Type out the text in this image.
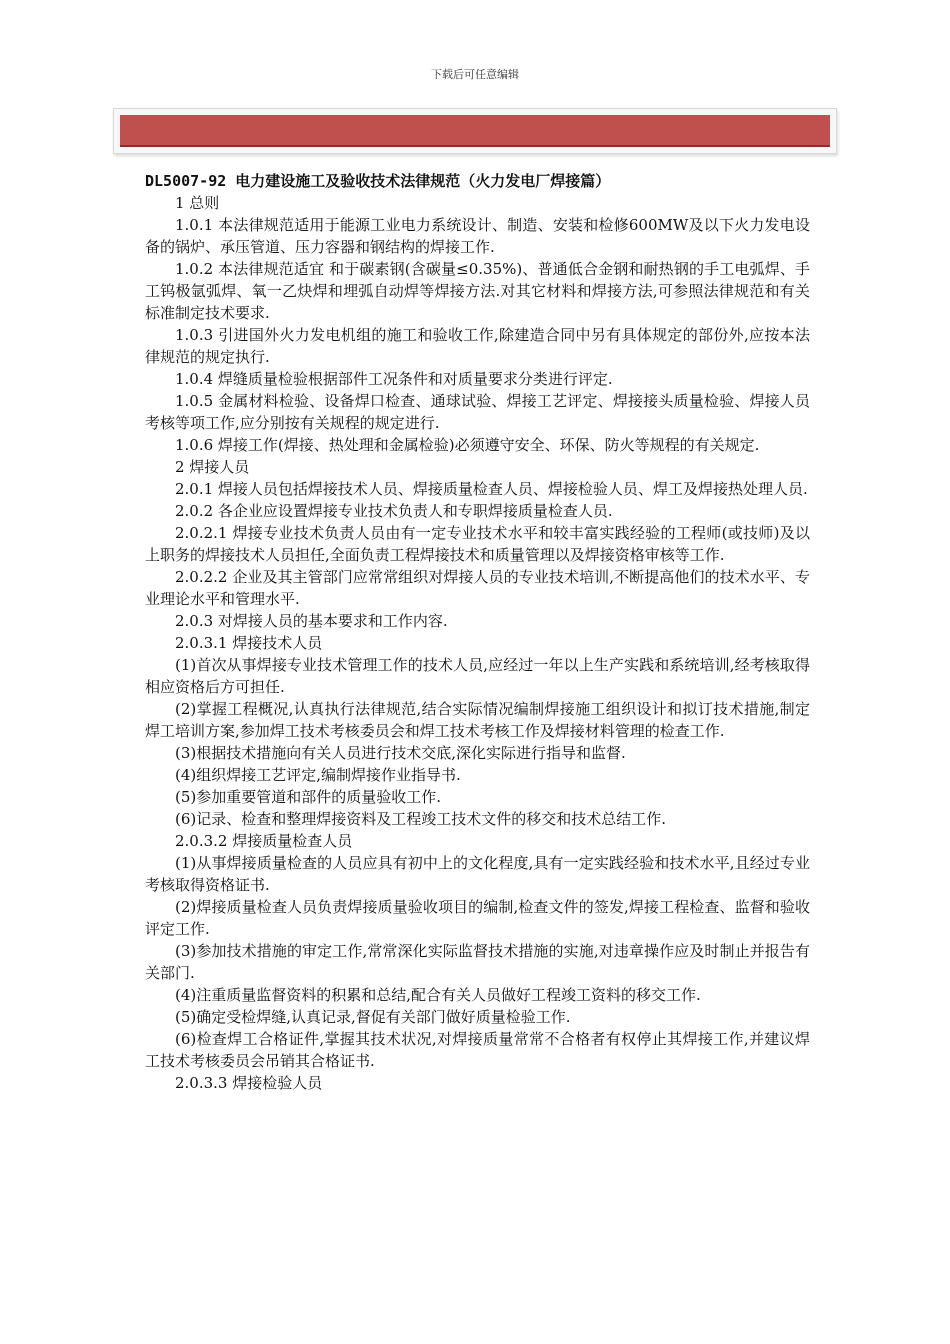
下载后可任意编辑
DL5007-92 电力建设施工及验收技术法律规范（火力发电厂焊接篇）

1 总则

1.0.1 本法律规范适用于能源工业电力系统设计、制造、安装和检修600MW及以下火力发电设备的锅炉、承压管道、压力容器和钢结构的焊接工作.

1.0.2 本法律规范适宜 和于碳素钢(含碳量≤0.35%)、普通低合金钢和耐热钢的手工电弧焊、手工钨极氩弧焊、氧一乙炔焊和埋弧自动焊等焊接方法.对其它材料和焊接方法,可参照法律规范和有关标准制定技术要求.

1.0.3 引进国外火力发电机组的施工和验收工作,除建造合同中另有具体规定的部份外,应按本法律规范的规定执行.

1.0.4 焊缝质量检验根据部件工况条件和对质量要求分类进行评定.

1.0.5 金属材料检验、设备焊口检查、通球试验、焊接工艺评定、焊接接头质量检验、焊接人员考核等项工作,应分别按有关规程的规定进行.

1.0.6 焊接工作(焊接、热处理和金属检验)必须遵守安全、环保、防火等规程的有关规定.

2 焊接人员

2.0.1 焊接人员包括焊接技术人员、焊接质量检查人员、焊接检验人员、焊工及焊接热处理人员.

2.0.2 各企业应设置焊接专业技术负责人和专职焊接质量检查人员.

2.0.2.1 焊接专业技术负责人员由有一定专业技术水平和较丰富实践经验的工程师(或技师)及以上职务的焊接技术人员担任,全面负责工程焊接技术和质量管理以及焊接资格审核等工作.

2.0.2.2 企业及其主管部门应常常组织对焊接人员的专业技术培训,不断提高他们的技术水平、专业理论水平和管理水平.

2.0.3 对焊接人员的基本要求和工作内容.

2.0.3.1 焊接技术人员

(1)首次从事焊接专业技术管理工作的技术人员,应经过一年以上生产实践和系统培训,经考核取得相应资格后方可担任.

(2)掌握工程概况,认真执行法律规范,结合实际情况编制焊接施工组织设计和拟订技术措施,制定焊工培训方案,参加焊工技术考核委员会和焊工技术考核工作及焊接材料管理的检查工作.

(3)根据技术措施向有关人员进行技术交底,深化实际进行指导和监督.

(4)组织焊接工艺评定,编制焊接作业指导书.

(5)参加重要管道和部件的质量验收工作.

(6)记录、检查和整理焊接资料及工程竣工技术文件的移交和技术总结工作.

2.0.3.2 焊接质量检查人员

(1)从事焊接质量检查的人员应具有初中上的文化程度,具有一定实践经验和技术水平,且经过专业考核取得资格证书.

(2)焊接质量检查人员负责焊接质量验收项目的编制,检查文件的签发,焊接工程检查、监督和验收评定工作.

(3)参加技术措施的审定工作,常常深化实际监督技术措施的实施,对违章操作应及时制止并报告有关部门.

(4)注重质量监督资料的积累和总结,配合有关人员做好工程竣工资料的移交工作.

(5)确定受检焊缝,认真记录,督促有关部门做好质量检验工作.

(6)检查焊工合格证件,掌握其技术状况,对焊接质量常常不合格者有权停止其焊接工作,并建议焊工技术考核委员会吊销其合格证书.

2.0.3.3 焊接检验人员
